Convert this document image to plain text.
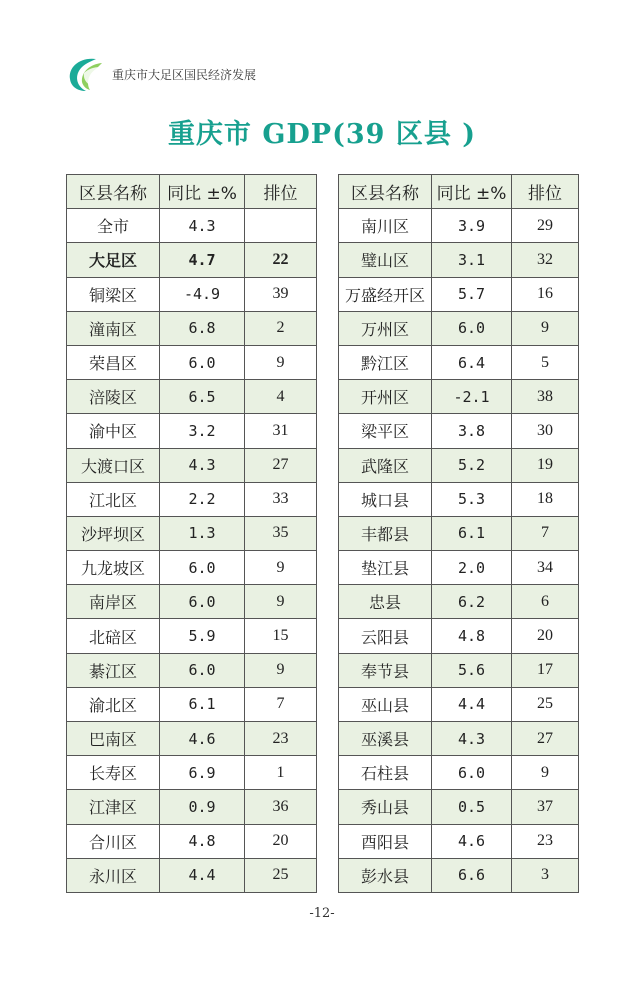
重庆市大足区国民经济发展
重庆市 GDP(39 区县 )
区县名称	同比 ±%	排位
全市	4.3	
大足区	4.7	22
铜梁区	-4.9	39
潼南区	6.8	2
荣昌区	6.0	9
涪陵区	6.5	4
渝中区	3.2	31
大渡口区	4.3	27
江北区	2.2	33
沙坪坝区	1.3	35
九龙坡区	6.0	9
南岸区	6.0	9
北碚区	5.9	15
綦江区	6.0	9
渝北区	6.1	7
巴南区	4.6	23
长寿区	6.9	1
江津区	0.9	36
合川区	4.8	20
永川区	4.4	25
区县名称	同比 ±%	排位
南川区	3.9	29
璧山区	3.1	32
万盛经开区	5.7	16
万州区	6.0	9
黔江区	6.4	5
开州区	-2.1	38
梁平区	3.8	30
武隆区	5.2	19
城口县	5.3	18
丰都县	6.1	7
垫江县	2.0	34
忠县	6.2	6
云阳县	4.8	20
奉节县	5.6	17
巫山县	4.4	25
巫溪县	4.3	27
石柱县	6.0	9
秀山县	0.5	37
酉阳县	4.6	23
彭水县	6.6	3
-12-
